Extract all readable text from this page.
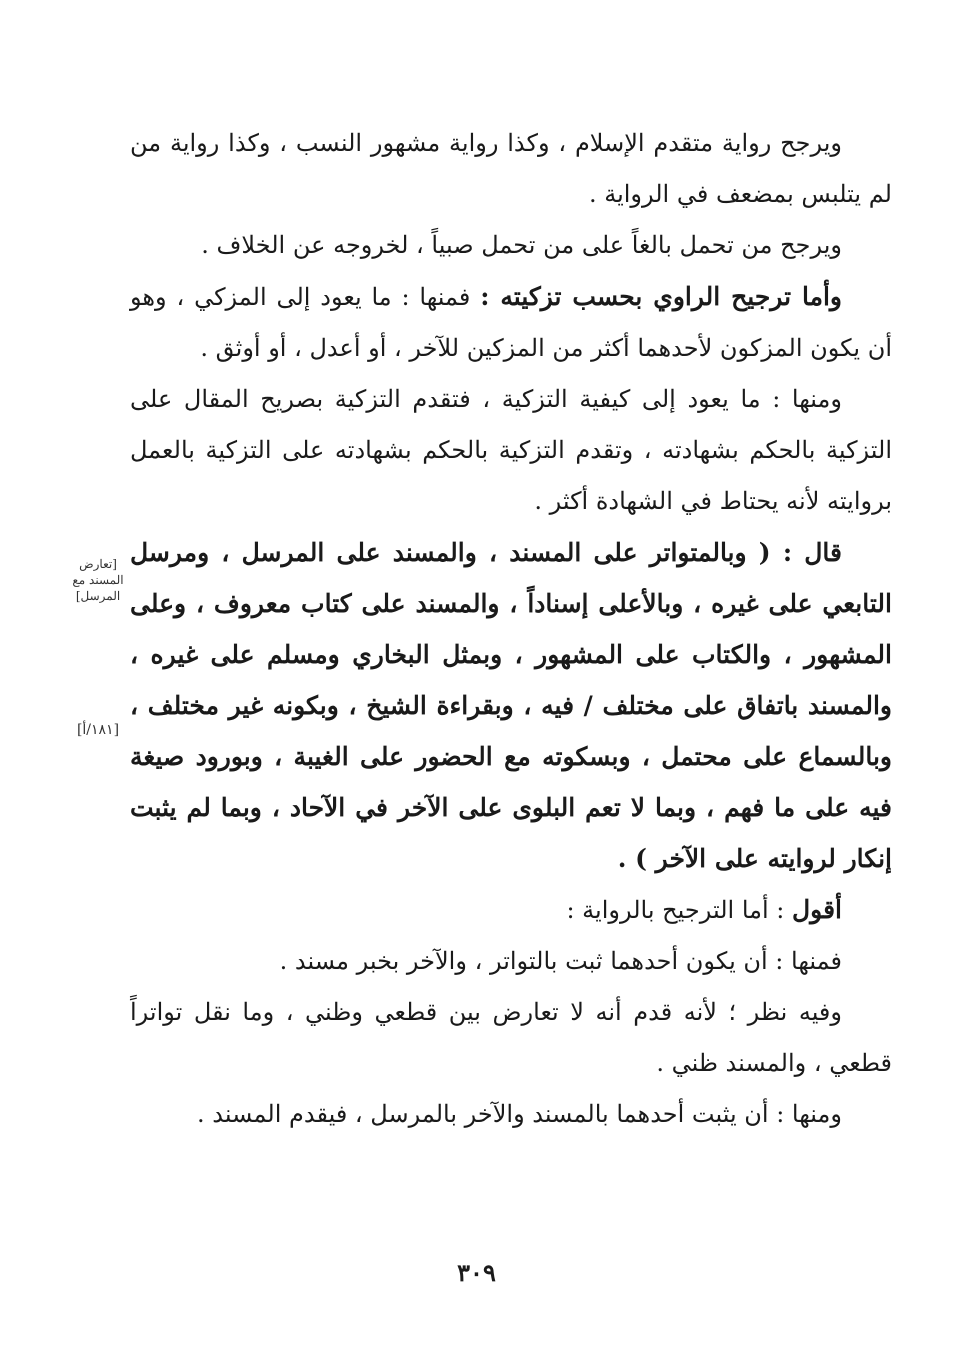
ويرجح رواية متقدم الإسلام ، وكذا رواية مشهور النسب ، وكذا رواية من لم يتلبس بمضعف في الرواية .

ويرجح من تحمل بالغاً على من تحمل صبياً ، لخروجه عن الخلاف .

وأما ترجيح الراوي بحسب تزكيته : فمنها : ما يعود إلى المزكي ، وهو أن يكون المزكون لأحدهما أكثر من المزكين للآخر ، أو أعدل ، أو أوثق .

ومنها : ما يعود إلى كيفية التزكية ، فتقدم التزكية بصريح المقال على التزكية بالحكم بشهادته ، وتقدم التزكية بالحكم بشهادته على التزكية بالعمل بروايته لأنه يحتاط في الشهادة أكثر .

قال : ( وبالمتواتر على المسند ، والمسند على المرسل ، ومرسل التابعي على غيره ، وبالأعلى إسناداً ، والمسند على كتاب معروف ، وعلى المشهور ، والكتاب على المشهور ، وبمثل البخاري ومسلم على غيره ، والمسند باتفاق على مختلف / فيه ، وبقراءة الشيخ ، وبكونه غير مختلف ، وبالسماع على محتمل ، وبسكوته مع الحضور على الغيبة ، وبورود صيغة فيه على ما فهم ، وبما لا تعم البلوى على الآخر في الآحاد ، وبما لم يثبت إنكار لروايته على الآخر ) .

أقول : أما الترجيح بالرواية :

فمنها : أن يكون أحدهما ثبت بالتواتر ، والآخر بخبر مسند .

وفيه نظر ؛ لأنه قدم أنه لا تعارض بين قطعي وظني ، وما نقل تواتراً قطعي ، والمسند ظني .

ومنها : أن يثبت أحدهما بالمسند والآخر بالمرسل ، فيقدم المسند .

[تعارض المسند مع المرسل]
[١٨١/أ]
٣٠٩
